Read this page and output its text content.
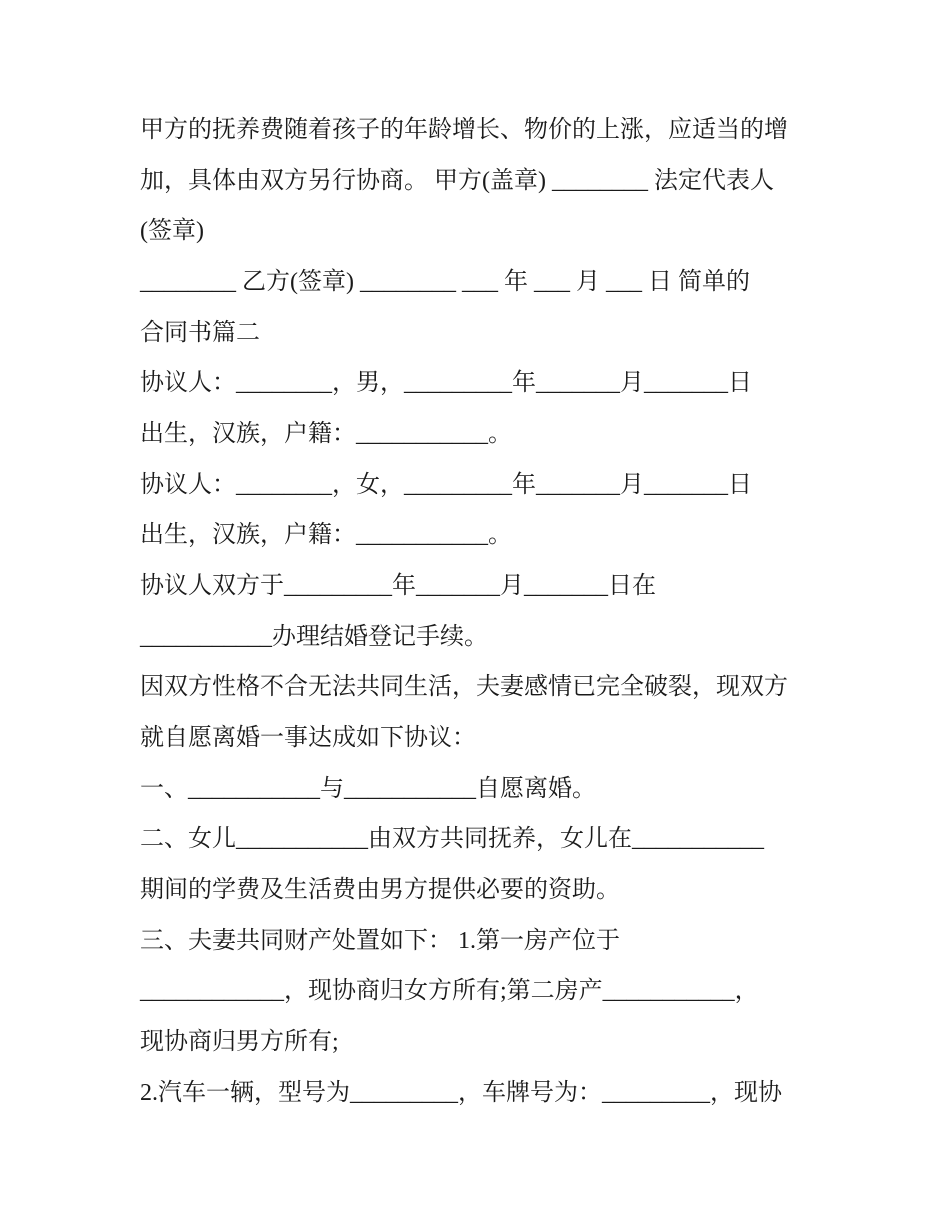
甲方的抚养费随着孩子的年龄增长、物价的上涨，应适当的增
加，具体由双方另行协商。 甲方(盖章) ________ 法定代表人
(签章)
________ 乙方(签章) ________ ___ 年 ___ 月 ___ 日 简单的
合同书篇二
协议人：________，男，_________年_______月_______日
出生，汉族，户籍：___________。
协议人：________，女，_________年_______月_______日
出生，汉族，户籍：___________。
协议人双方于_________年_______月_______日在
___________办理结婚登记手续。
因双方性格不合无法共同生活，夫妻感情已完全破裂，现双方
就自愿离婚一事达成如下协议：
一、___________与___________自愿离婚。
二、女儿___________由双方共同抚养，女儿在___________
期间的学费及生活费由男方提供必要的资助。
三、夫妻共同财产处置如下： 1.第一房产位于
____________，现协商归女方所有;第二房产___________，
现协商归男方所有;
2.汽车一辆，型号为_________，车牌号为：_________，现协
